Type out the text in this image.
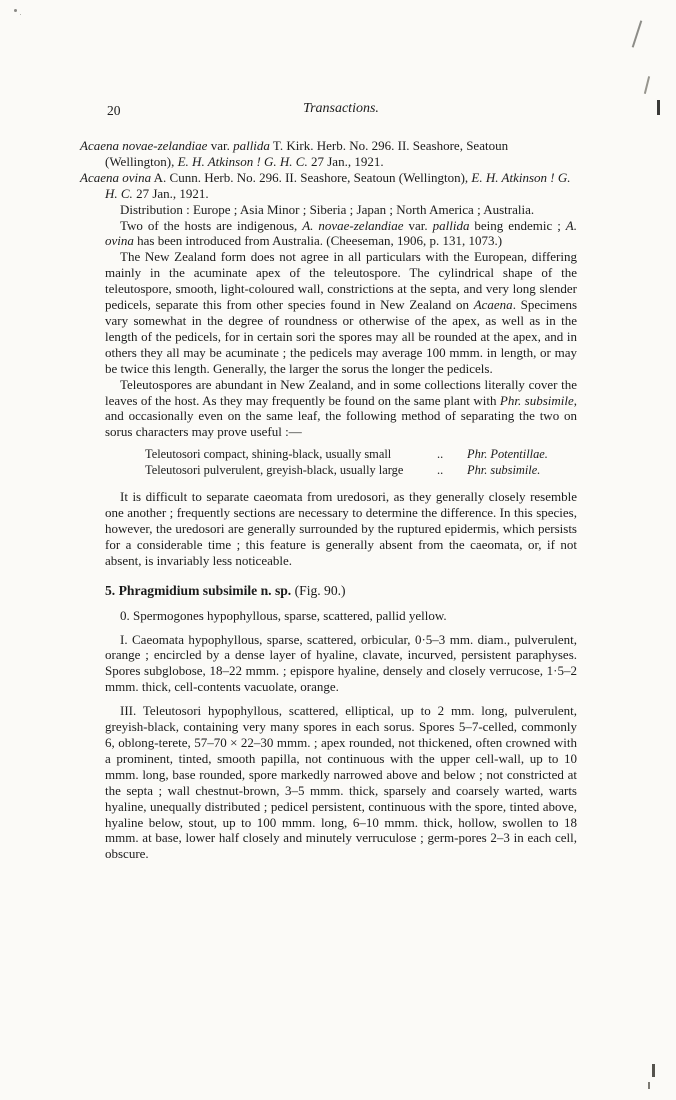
20	Transactions.

Acaena novae-zelandiae var. pallida T. Kirk. Herb. No. 296. II. Seashore, Seatoun (Wellington), E. H. Atkinson ! G. H. C. 27 Jan., 1921.

Acaena ovina A. Cunn. Herb. No. 296. II. Seashore, Seatoun (Wellington), E. H. Atkinson ! G. H. C. 27 Jan., 1921.

Distribution : Europe ; Asia Minor ; Siberia ; Japan ; North America ; Australia.

Two of the hosts are indigenous, A. novae-zelandiae var. pallida being endemic ; A. ovina has been introduced from Australia. (Cheeseman, 1906, p. 131, 1073.)

The New Zealand form does not agree in all particulars with the European, differing mainly in the acuminate apex of the teleutospore. The cylindrical shape of the teleutospore, smooth, light-coloured wall, constrictions at the septa, and very long slender pedicels, separate this from other species found in New Zealand on Acaena. Specimens vary somewhat in the degree of roundness or otherwise of the apex, as well as in the length of the pedicels, for in certain sori the spores may all be rounded at the apex, and in others they all may be acuminate ; the pedicels may average 100 mmm. in length, or may be twice this length. Generally, the larger the sorus the longer the pedicels.

Teleutospores are abundant in New Zealand, and in some collections literally cover the leaves of the host. As they may frequently be found on the same plant with Phr. subsimile, and occasionally even on the same leaf, the following method of separating the two on sorus characters may prove useful :—

Teleutosori compact, shining-black, usually small	..	Phr. Potentillae.
Teleutosori pulverulent, greyish-black, usually large	..	Phr. subsimile.

It is difficult to separate caeomata from uredosori, as they generally closely resemble one another ; frequently sections are necessary to determine the difference. In this species, however, the uredosori are generally surrounded by the ruptured epidermis, which persists for a considerable time ; this feature is generally absent from the caeomata, or, if not absent, is invariably less noticeable.

5. Phragmidium subsimile n. sp. (Fig. 90.)

0. Spermogones hypophyllous, sparse, scattered, pallid yellow.

I. Caeomata hypophyllous, sparse, scattered, orbicular, 0·5–3 mm. diam., pulverulent, orange ; encircled by a dense layer of hyaline, clavate, incurved, persistent paraphyses. Spores subglobose, 18–22 mmm. ; epispore hyaline, densely and closely verrucose, 1·5–2 mmm. thick, cell-contents vacuolate, orange.

III. Teleutosori hypophyllous, scattered, elliptical, up to 2 mm. long, pulverulent, greyish-black, containing very many spores in each sorus. Spores 5–7-celled, commonly 6, oblong-terete, 57–70 × 22–30 mmm. ; apex rounded, not thickened, often crowned with a prominent, tinted, smooth papilla, not continuous with the upper cell-wall, up to 10 mmm. long, base rounded, spore markedly narrowed above and below ; not constricted at the septa ; wall chestnut-brown, 3–5 mmm. thick, sparsely and coarsely warted, warts hyaline, unequally distributed ; pedicel persistent, continuous with the spore, tinted above, hyaline below, stout, up to 100 mmm. long, 6–10 mmm. thick, hollow, swollen to 18 mmm. at base, lower half closely and minutely verruculose ; germ-pores 2–3 in each cell, obscure.
